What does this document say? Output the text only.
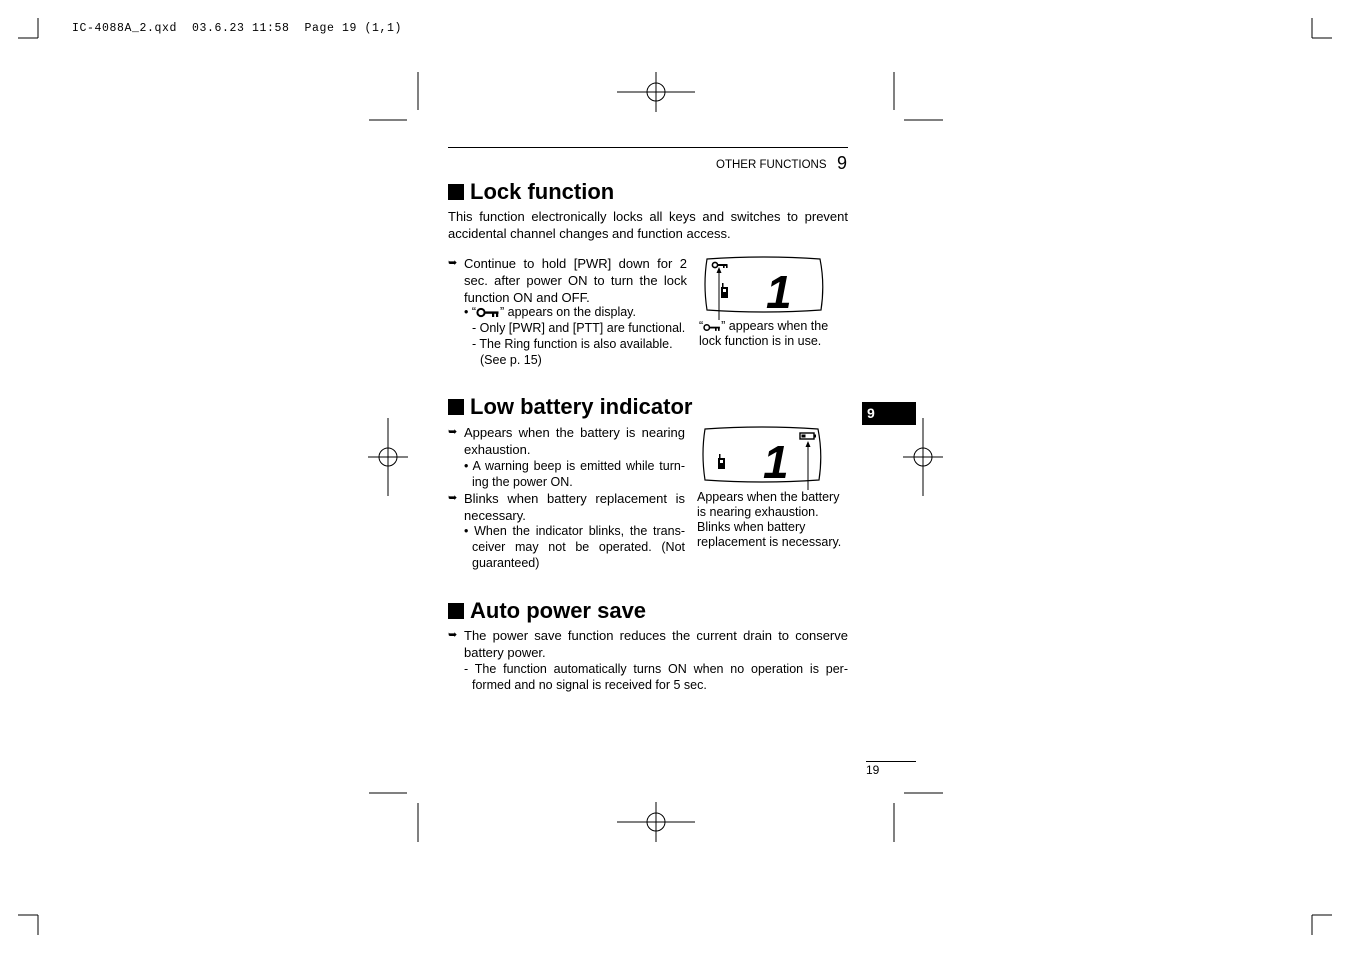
IC-4088A_2.qxd  03.6.23 11:58  Page 19 (1,1)
OTHER FUNCTIONS 9
9
Lock function
This function electronically locks all keys and switches to prevent accidental channel changes and function access.
➥ Continue to hold [PWR] down for 2 sec. after power ON to turn the lock function ON and OFF.
• “ ” appears on the display.
- Only [PWR] and [PTT] are functional.
- The Ring function is also available.
(See p. 15)
1
“ ” appears when the
lock function is in use.
Low battery indicator
➥ Appears when the battery is nearing exhaustion.
• A warning beep is emitted while turn-ing the power ON.
➥ Blinks when battery replacement is necessary.
• When the indicator blinks, the trans-ceiver may not be operated. (Not guaranteed)
1
Appears when the battery
is nearing exhaustion.
Blinks when battery
replacement is necessary.
Auto power save
➥ The power save function reduces the current drain to conserve battery power.
- The function automatically turns ON when no operation is per-formed and no signal is received for 5 sec.
19
